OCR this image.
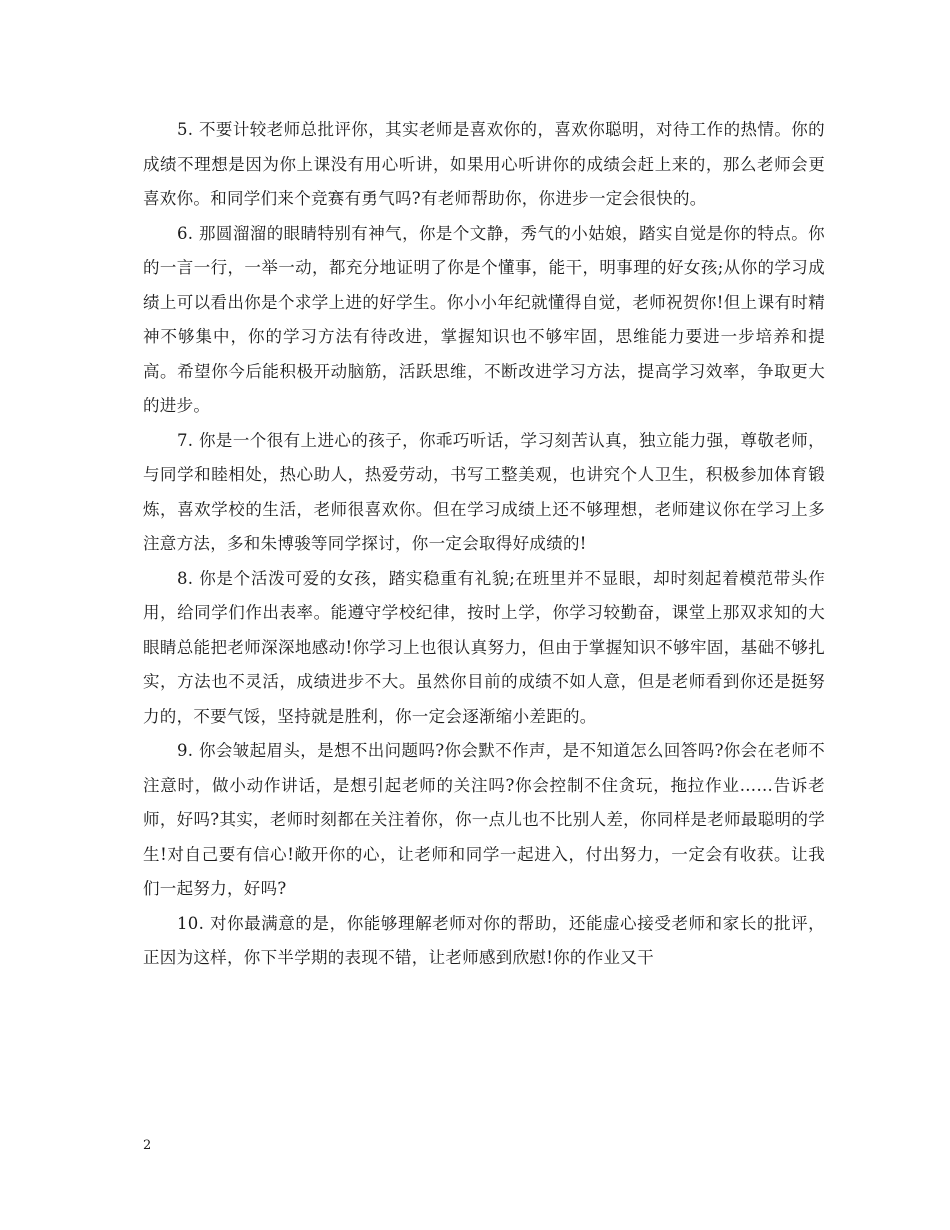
5. 不要计较老师总批评你，其实老师是喜欢你的，喜欢你聪明，对待工作的热情。你的成绩不理想是因为你上课没有用心听讲，如果用心听讲你的成绩会赶上来的，那么老师会更喜欢你。和同学们来个竞赛有勇气吗?有老师帮助你，你进步一定会很快的。

6. 那圆溜溜的眼睛特别有神气，你是个文静，秀气的小姑娘，踏实自觉是你的特点。你的一言一行，一举一动，都充分地证明了你是个懂事，能干，明事理的好女孩;从你的学习成绩上可以看出你是个求学上进的好学生。你小小年纪就懂得自觉，老师祝贺你!但上课有时精神不够集中，你的学习方法有待改进，掌握知识也不够牢固，思维能力要进一步培养和提高。希望你今后能积极开动脑筋，活跃思维，不断改进学习方法，提高学习效率，争取更大的进步。

7. 你是一个很有上进心的孩子，你乖巧听话，学习刻苦认真，独立能力强，尊敬老师，与同学和睦相处，热心助人，热爱劳动，书写工整美观，也讲究个人卫生，积极参加体育锻炼，喜欢学校的生活，老师很喜欢你。但在学习成绩上还不够理想，老师建议你在学习上多注意方法，多和朱博骏等同学探讨，你一定会取得好成绩的!

8. 你是个活泼可爱的女孩，踏实稳重有礼貌;在班里并不显眼，却时刻起着模范带头作用，给同学们作出表率。能遵守学校纪律，按时上学，你学习较勤奋，课堂上那双求知的大眼睛总能把老师深深地感动!你学习上也很认真努力，但由于掌握知识不够牢固，基础不够扎实，方法也不灵活，成绩进步不大。虽然你目前的成绩不如人意，但是老师看到你还是挺努力的，不要气馁，坚持就是胜利，你一定会逐渐缩小差距的。

9. 你会皱起眉头，是想不出问题吗?你会默不作声，是不知道怎么回答吗?你会在老师不注意时，做小动作讲话，是想引起老师的关注吗?你会控制不住贪玩，拖拉作业……告诉老师，好吗?其实，老师时刻都在关注着你，你一点儿也不比别人差，你同样是老师最聪明的学生!对自己要有信心!敞开你的心，让老师和同学一起进入，付出努力，一定会有收获。让我们一起努力，好吗?

10. 对你最满意的是，你能够理解老师对你的帮助，还能虚心接受老师和家长的批评，正因为这样，你下半学期的表现不错，让老师感到欣慰!你的作业又干

2
